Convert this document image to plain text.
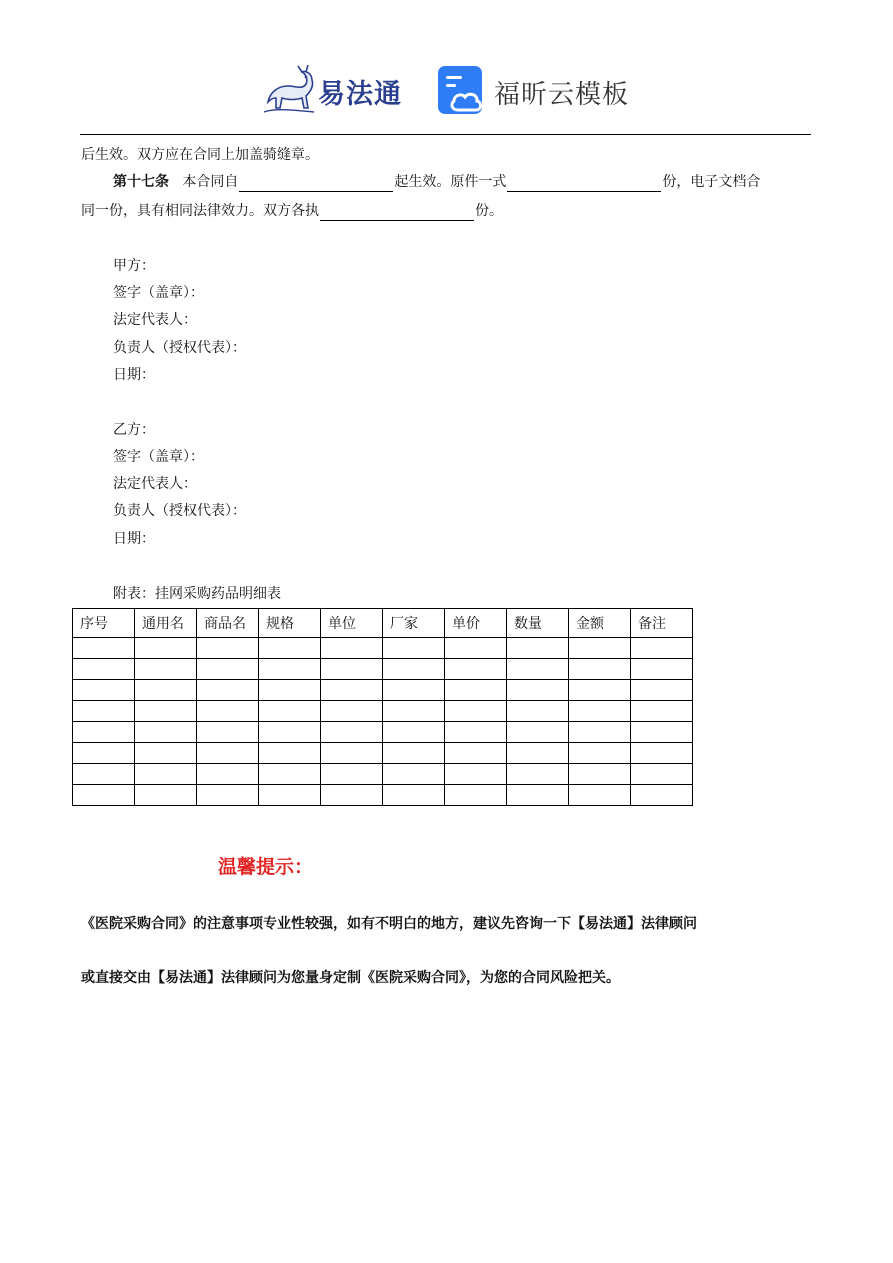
易法通	福昕云模板
后生效。双方应在合同上加盖骑缝章。
第十七条 本合同自	起生效。原件一式	份，电子文档合
同一份，具有相同法律效力。双方各执	份。
甲方：
签字（盖章）：
法定代表人：
负责人（授权代表）：
日期：
乙方：
签字（盖章）：
法定代表人：
负责人（授权代表）：
日期：
附表：挂网采购药品明细表
序号	通用名	商品名	规格	单位	厂家	单价	数量	金额	备注

温馨提示：
《医院采购合同》的注意事项专业性较强，如有不明白的地方，建议先咨询一下【易法通】法律顾问
或直接交由【易法通】法律顾问为您量身定制《医院采购合同》，为您的合同风险把关。
